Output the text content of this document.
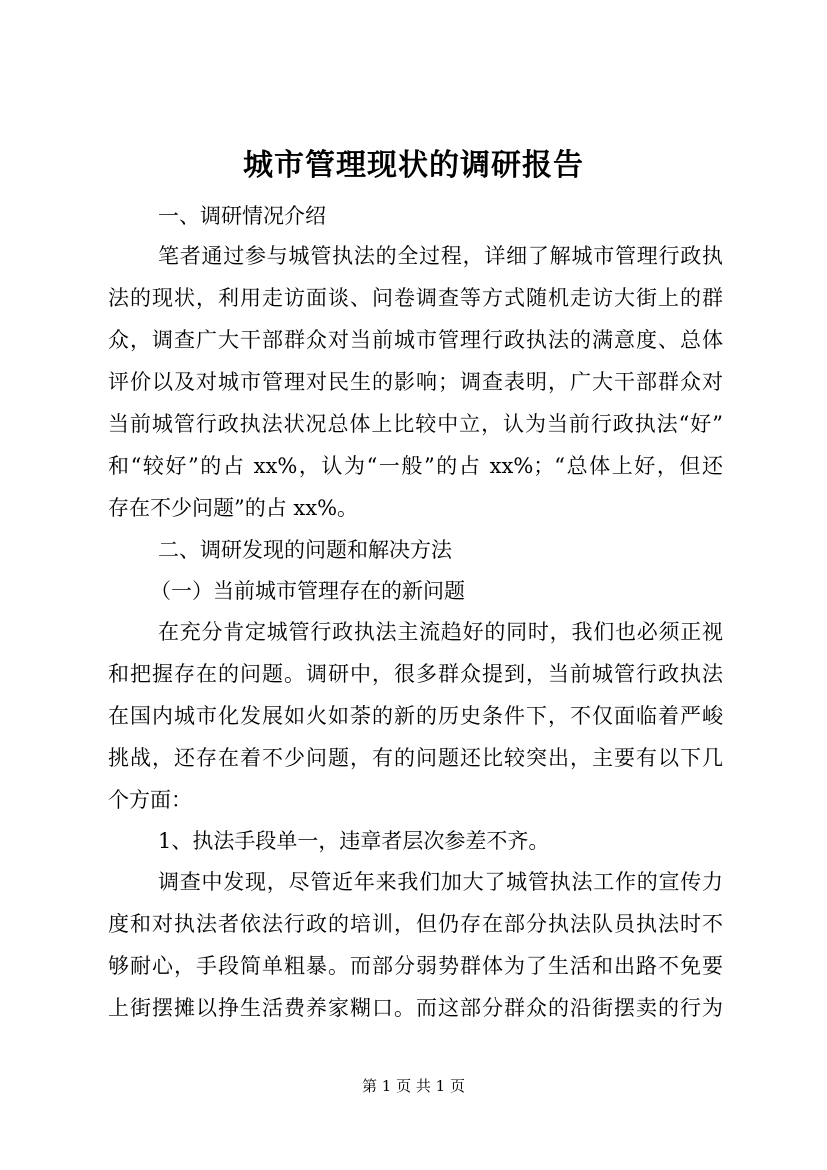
城市管理现状的调研报告
一、调研情况介绍
笔者通过参与城管执法的全过程，详细了解城市管理行政执
法的现状，利用走访面谈、问卷调查等方式随机走访大街上的群
众，调查广大干部群众对当前城市管理行政执法的满意度、总体
评价以及对城市管理对民生的影响；调查表明，广大干部群众对
当前城管行政执法状况总体上比较中立，认为当前行政执法“好”
和“较好”的占 xx%，认为“一般”的占 xx%；“总体上好，但还
存在不少问题”的占 xx%。
二、调研发现的问题和解决方法
（一）当前城市管理存在的新问题
在充分肯定城管行政执法主流趋好的同时，我们也必须正视
和把握存在的问题。调研中，很多群众提到，当前城管行政执法
在国内城市化发展如火如荼的新的历史条件下，不仅面临着严峻
挑战，还存在着不少问题，有的问题还比较突出，主要有以下几
个方面：
1、执法手段单一，违章者层次参差不齐。
调查中发现，尽管近年来我们加大了城管执法工作的宣传力
度和对执法者依法行政的培训，但仍存在部分执法队员执法时不
够耐心，手段简单粗暴。而部分弱势群体为了生活和出路不免要
上街摆摊以挣生活费养家糊口。而这部分群众的沿街摆卖的行为
第 1 页 共 1 页
